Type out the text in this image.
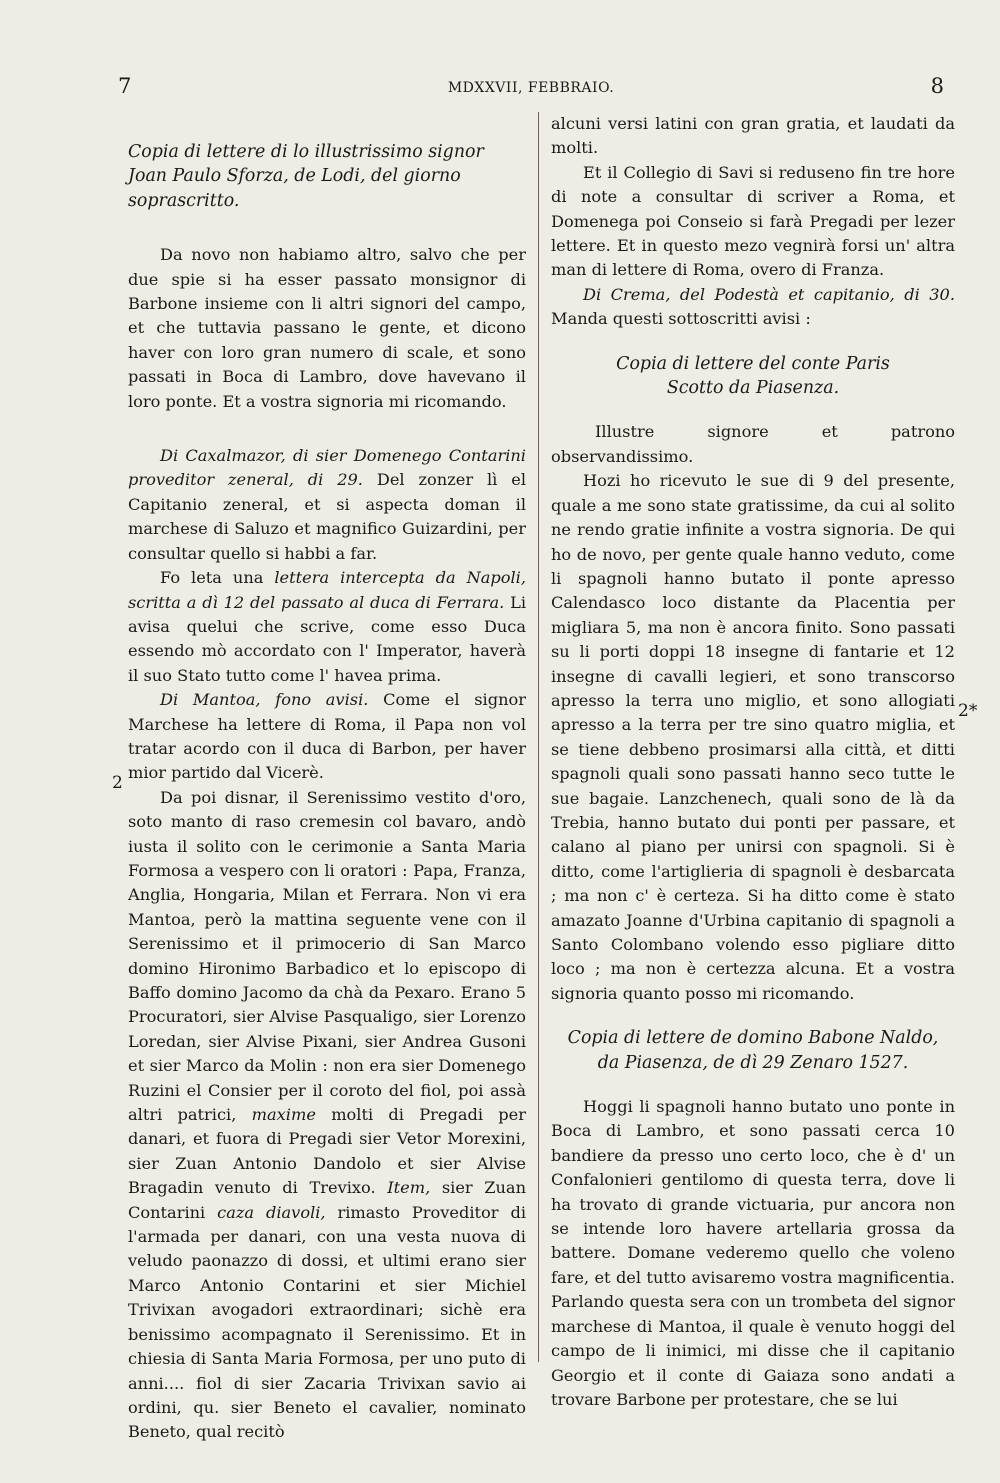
7	MDXXVII, FEBBRAIO.	8
2
2*

Copia di lettere di lo illustrissimo signor Joan Paulo Sforza, de Lodi, del giorno soprascritto.

Da novo non habiamo altro, salvo che per due spie si ha esser passato monsignor di Barbone insieme con li altri signori del campo, et che tuttavia passano le gente, et dicono haver con loro gran numero di scale, et sono passati in Boca di Lambro, dove havevano il loro ponte. Et a vostra signoria mi ricomando.

Di Caxalmazor, di sier Domenego Contarini proveditor zeneral, di 29. Del zonzer lì el Capitanio zeneral, et si aspecta doman il marchese di Saluzo et magnifico Guizardini, per consultar quello si habbi a far.

Fo leta una lettera intercepta da Napoli, scritta a dì 12 del passato al duca di Ferrara. Li avisa quelui che scrive, come esso Duca essendo mò accordato con l' Imperator, haverà il suo Stato tutto come l' havea prima.

Di Mantoa, fono avisi. Come el signor Marchese ha lettere di Roma, il Papa non vol tratar acordo con il duca di Barbon, per haver mior partido dal Vicerè.

Da poi disnar, il Serenissimo vestito d'oro, soto manto di raso cremesin col bavaro, andò iusta il solito con le cerimonie a Santa Maria Formosa a vespero con li oratori : Papa, Franza, Anglia, Hongaria, Milan et Ferrara. Non vi era Mantoa, però la mattina seguente vene con il Serenissimo et il primocerio di San Marco domino Hironimo Barbadico et lo episcopo di Baffo domino Jacomo da chà da Pexaro. Erano 5 Procuratori, sier Alvise Pasqualigo, sier Lorenzo Loredan, sier Alvise Pixani, sier Andrea Gusoni et sier Marco da Molin : non era sier Domenego Ruzini el Consier per il coroto del fiol, poi assà altri patrici, maxime molti di Pregadi per danari, et fuora di Pregadi sier Vetor Morexini, sier Zuan Antonio Dandolo et sier Alvise Bragadin venuto di Trevixo. Item, sier Zuan Contarini caza diavoli, rimasto Proveditor di l'armada per danari, con una vesta nuova di veludo paonazzo di dossi, et ultimi erano sier Marco Antonio Contarini et sier Michiel Trivixan avogadori extraordinari; sichè era benissimo acompagnato il Serenissimo. Et in chiesia di Santa Maria Formosa, per uno puto di anni.... fiol di sier Zacaria Trivixan savio ai ordini, qu. sier Beneto el cavalier, nominato Beneto, qual recitò

alcuni versi latini con gran gratia, et laudati da molti.

Et il Collegio di Savi si reduseno fin tre hore di note a consultar di scriver a Roma, et Domenega poi Conseio si farà Pregadi per lezer lettere. Et in questo mezo vegnirà forsi un' altra man di lettere di Roma, overo di Franza.

Di Crema, del Podestà et capitanio, di 30. Manda questi sottoscritti avisi :

Copia di lettere del conte Paris Scotto da Piasenza.

Illustre signore et patrono observandissimo.

Hozi ho ricevuto le sue di 9 del presente, quale a me sono state gratissime, da cui al solito ne rendo gratie infinite a vostra signoria. De qui ho de novo, per gente quale hanno veduto, come li spagnoli hanno butato il ponte apresso Calendasco loco distante da Placentia per migliara 5, ma non è ancora finito. Sono passati su li porti doppi 18 insegne di fantarie et 12 insegne di cavalli legieri, et sono transcorso apresso la terra uno miglio, et sono allogiati apresso a la terra per tre sino quatro miglia, et se tiene debbeno prosimarsi alla città, et ditti spagnoli quali sono passati hanno seco tutte le sue bagaie. Lanzchenech, quali sono de là da Trebia, hanno butato dui ponti per passare, et calano al piano per unirsi con spagnoli. Si è ditto, come l'artiglieria di spagnoli è desbarcata ; ma non c' è certeza. Si ha ditto come è stato amazato Joanne d'Urbina capitanio di spagnoli a Santo Colombano volendo esso pigliare ditto loco ; ma non è certezza alcuna. Et a vostra signoria quanto posso mi ricomando.

Copia di lettere de domino Babone Naldo, da Piasenza, de dì 29 Zenaro 1527.

Hoggi li spagnoli hanno butato uno ponte in Boca di Lambro, et sono passati cerca 10 bandiere da presso uno certo loco, che è d' un Confalonieri gentilomo di questa terra, dove li ha trovato di grande victuaria, pur ancora non se intende loro havere artellaria grossa da battere. Domane vederemo quello che voleno fare, et del tutto avisaremo vostra magnificentia. Parlando questa sera con un trombeta del signor marchese di Mantoa, il quale è venuto hoggi del campo de li inimici, mi disse che il capitanio Georgio et il conte di Gaiaza sono andati a trovare Barbone per protestare, che se lui
